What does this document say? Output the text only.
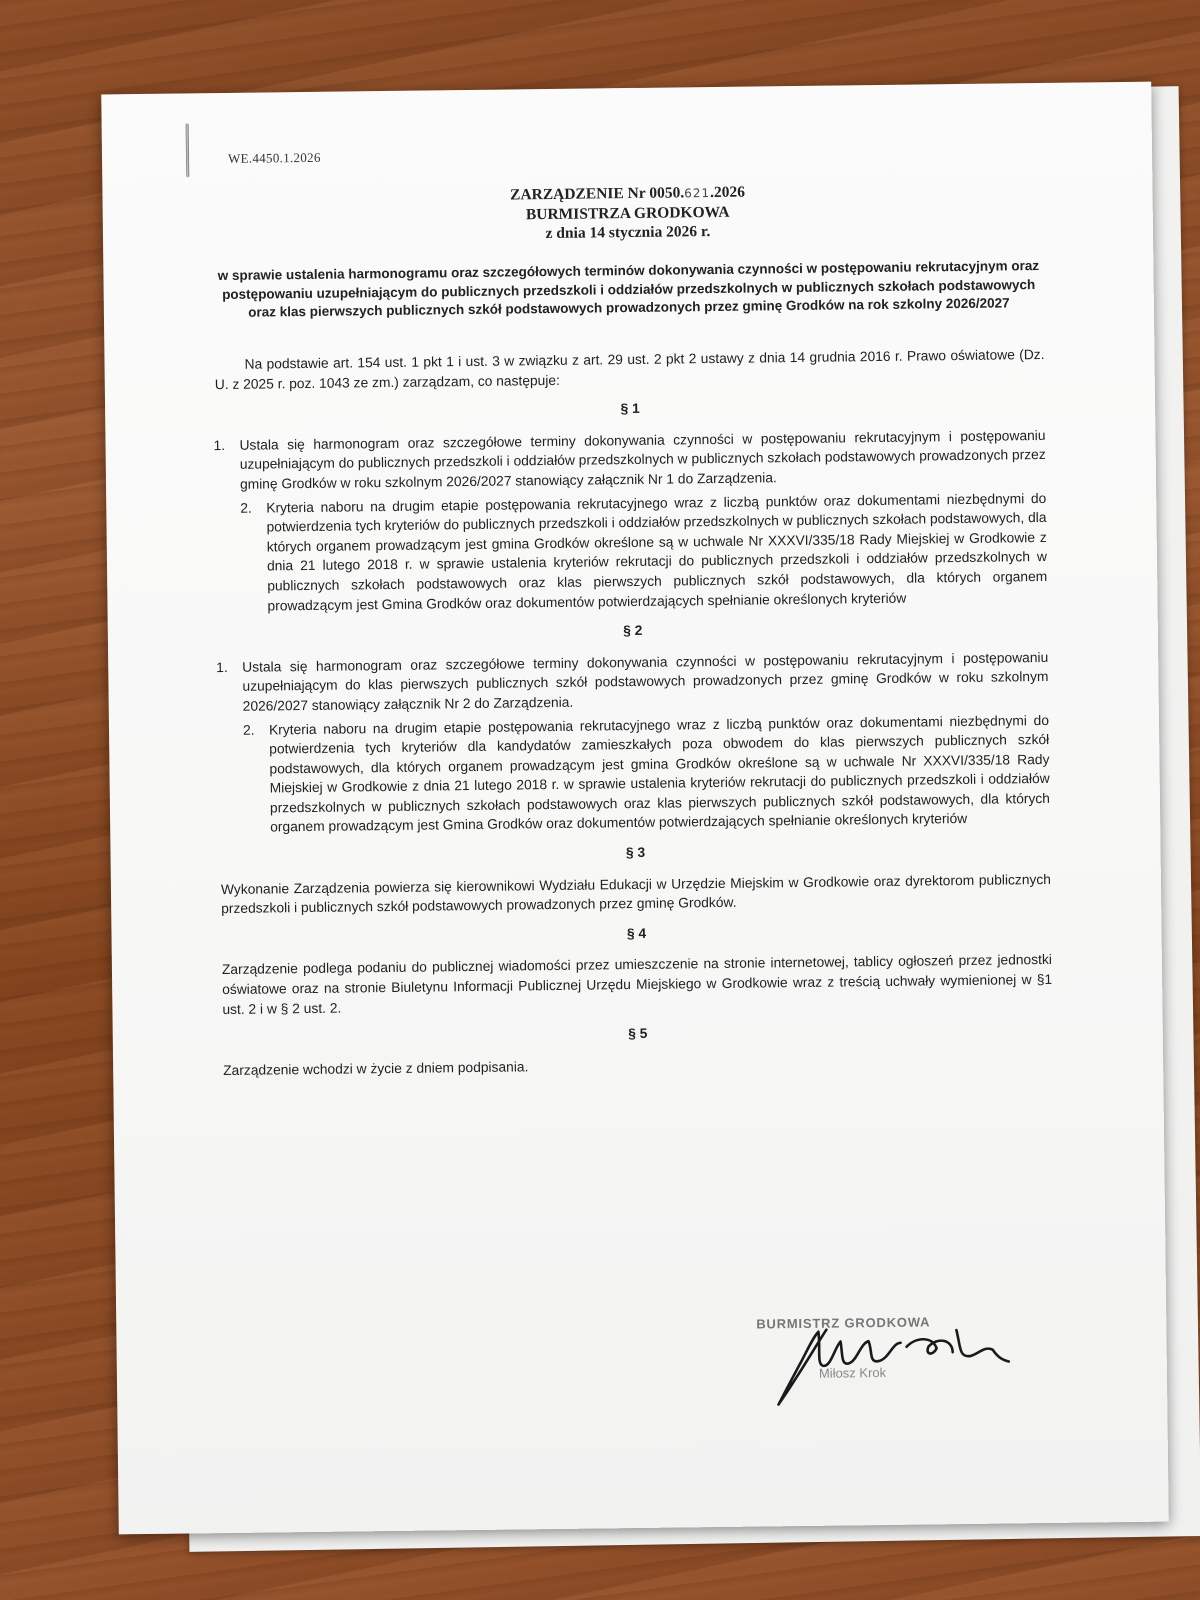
WE.4450.1.2026
ZARZĄDZENIE Nr 0050.621.2026
BURMISTRZA GRODKOWA
z dnia 14 stycznia 2026 r.
w sprawie ustalenia harmonogramu oraz szczegółowych terminów dokonywania czynności w postępowaniu rekrutacyjnym oraz postępowaniu uzupełniającym do publicznych przedszkoli i oddziałów przedszkolnych w publicznych szkołach podstawowych oraz klas pierwszych publicznych szkół podstawowych prowadzonych przez gminę Grodków na rok szkolny 2026/2027

Na podstawie art. 154 ust. 1 pkt 1 i ust. 3 w związku z art. 29 ust. 2 pkt 2 ustawy z dnia 14 grudnia 2016 r. Prawo oświatowe (Dz. U. z 2025 r. poz. 1043 ze zm.) zarządzam, co następuje:

§ 1

1.	Ustala się harmonogram oraz szczegółowe terminy dokonywania czynności w postępowaniu rekrutacyjnym i postępowaniu uzupełniającym do publicznych przedszkoli i oddziałów przedszkolnych w publicznych szkołach podstawowych prowadzonych przez gminę Grodków w roku szkolnym 2026/2027 stanowiący załącznik Nr 1 do Zarządzenia.
2.	Kryteria naboru na drugim etapie postępowania rekrutacyjnego wraz z liczbą punktów oraz dokumentami niezbędnymi do potwierdzenia tych kryteriów do publicznych przedszkoli i oddziałów przedszkolnych w publicznych szkołach podstawowych, dla których organem prowadzącym jest gmina Grodków określone są w uchwale Nr XXXVI/335/18 Rady Miejskiej w Grodkowie z dnia 21 lutego 2018 r. w sprawie ustalenia kryteriów rekrutacji do publicznych przedszkoli i oddziałów przedszkolnych w publicznych szkołach podstawowych oraz klas pierwszych publicznych szkół podstawowych, dla których organem prowadzącym jest Gmina Grodków oraz dokumentów potwierdzających spełnianie określonych kryteriów

§ 2

1.	Ustala się harmonogram oraz szczegółowe terminy dokonywania czynności w postępowaniu rekrutacyjnym i postępowaniu uzupełniającym do klas pierwszych publicznych szkół podstawowych prowadzonych przez gminę Grodków w roku szkolnym 2026/2027 stanowiący załącznik Nr 2 do Zarządzenia.
2.	Kryteria naboru na drugim etapie postępowania rekrutacyjnego wraz z liczbą punktów oraz dokumentami niezbędnymi do potwierdzenia tych kryteriów dla kandydatów zamieszkałych poza obwodem do klas pierwszych publicznych szkół podstawowych, dla których organem prowadzącym jest gmina Grodków określone są w uchwale Nr XXXVI/335/18 Rady Miejskiej w Grodkowie z dnia 21 lutego 2018 r. w sprawie ustalenia kryteriów rekrutacji do publicznych przedszkoli i oddziałów przedszkolnych w publicznych szkołach podstawowych oraz klas pierwszych publicznych szkół podstawowych, dla których organem prowadzącym jest Gmina Grodków oraz dokumentów potwierdzających spełnianie określonych kryteriów

§ 3

Wykonanie Zarządzenia powierza się kierownikowi Wydziału Edukacji w Urzędzie Miejskim w Grodkowie oraz dyrektorom publicznych przedszkoli i publicznych szkół podstawowych prowadzonych przez gminę Grodków.

§ 4

Zarządzenie podlega podaniu do publicznej wiadomości przez umieszczenie na stronie internetowej, tablicy ogłoszeń przez jednostki oświatowe oraz na stronie Biuletynu Informacji Publicznej Urzędu Miejskiego w Grodkowie wraz z treścią uchwały wymienionej w §1 ust. 2 i w § 2 ust. 2.

§ 5

Zarządzenie wchodzi w życie z dniem podpisania.

BURMISTRZ GRODKOWA
Miłosz Krok
